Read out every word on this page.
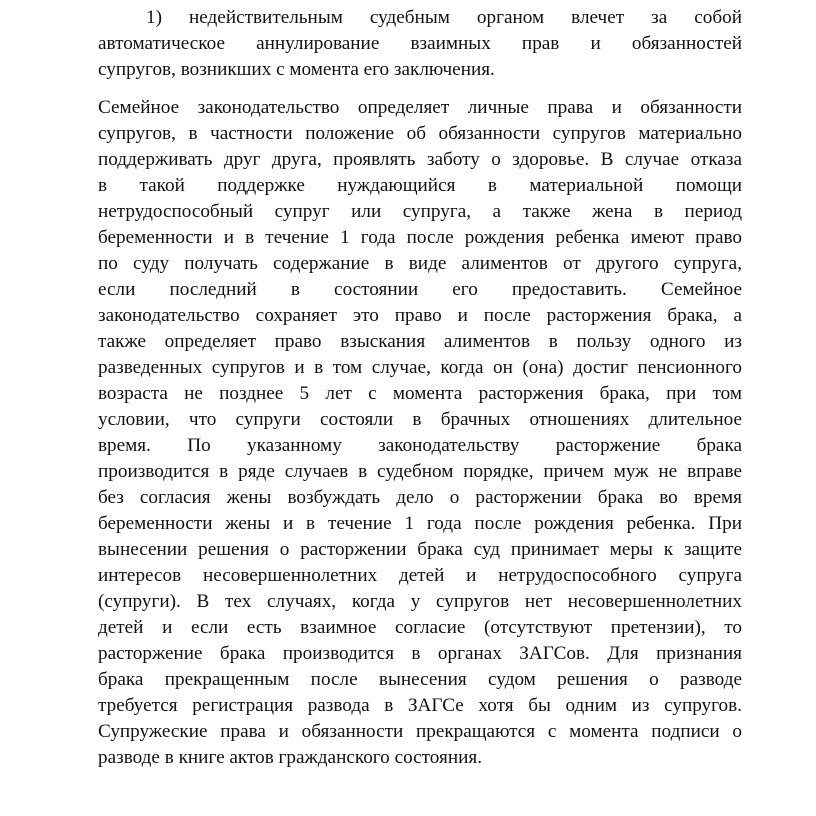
1) недействительным судебным органом влечет за собой
автоматическое аннулирование взаимных прав и обязанностей
супругов, возникших с момента его заключения.
Семейное законодательство определяет личные права и обязанности
супругов, в частности положение об обязанности супругов материально
поддерживать друг друга, проявлять заботу о здоровье. В случае отказа
в такой поддержке нуждающийся в материальной помощи
нетрудоспособный супруг или супруга, а также жена в период
беременности и в течение 1 года после рождения ребенка имеют право
по суду получать содержание в виде алиментов от другого супруга,
если последний в состоянии его предоставить. Семейное
законодательство сохраняет это право и после расторжения брака, а
также определяет право взыскания алиментов в пользу одного из
разведенных супругов и в том случае, когда он (она) достиг пенсионного
возраста не позднее 5 лет с момента расторжения брака, при том
условии, что супруги состояли в брачных отношениях длительное
время. По указанному законодательству расторжение брака
производится в ряде случаев в судебном порядке, причем муж не вправе
без согласия жены возбуждать дело о расторжении брака во время
беременности жены и в течение 1 года после рождения ребенка. При
вынесении решения о расторжении брака суд принимает меры к защите
интересов несовершеннолетних детей и нетрудоспособного супруга
(супруги). В тех случаях, когда у супругов нет несовершеннолетних
детей и если есть взаимное согласие (отсутствуют претензии), то
расторжение брака производится в органах ЗАГСов. Для признания
брака прекращенным после вынесения судом решения о разводе
требуется регистрация развода в ЗАГСе хотя бы одним из супругов.
Супружеские права и обязанности прекращаются с момента подписи о
разводе в книге актов гражданского состояния.
